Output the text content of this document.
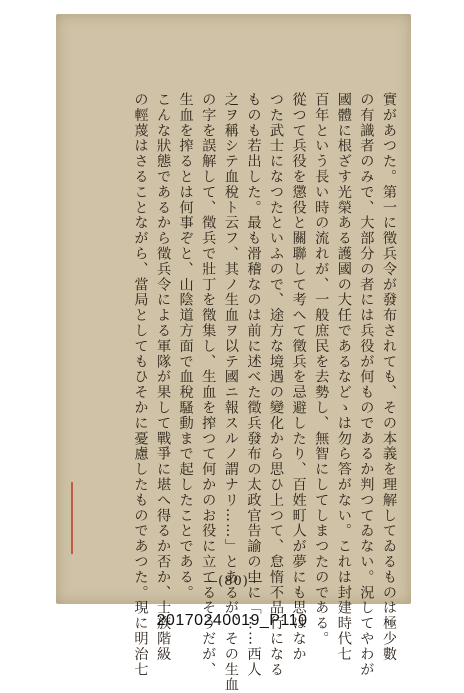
實があつた。第一に徵兵令が發布されても、その本義を理解してゐるものは極少數
の有識者のみで、大部分の者には兵役が何ものであるか判つてゐない。況してやわが
國體に根ざす光榮ある護國の大任であるなどゝは勿ら答がない。これは封建時代七
百年という長い時の流れが、一般庶民を去勢し、無智にしてしまつたのである。
從つて兵役を懲役と關聯して考へて徵兵を忌避したり、百姓町人が夢にも思はなか
つた武士になつたといふので、途方な境遇の變化から思ひ上つて、怠惰不品行になる
ものも若出した。最も滑稽なのは前に述べた徵兵發布の太政官告諭の中に「……西人
之ヲ稱シテ血稅ト云フ、其ノ生血ヲ以テ國ニ報スルノ謂ナリ……」とあるが、その生血
の字を誤解して、徵兵で壯丁を徵集し、生血を搾つて何かのお役に立てるそうだが、
生血を搾るとは何事ぞと、山陰道方面で血稅騷動まで起したことである。
こんな狀態であるから徵兵令による軍隊が果して戰爭に堪へ得るか否か、士族階級
の輕蔑はさることながら、當局としてもひそかに憂慮したものであつた。現に明治七	―(80)―
20170240019_P110
